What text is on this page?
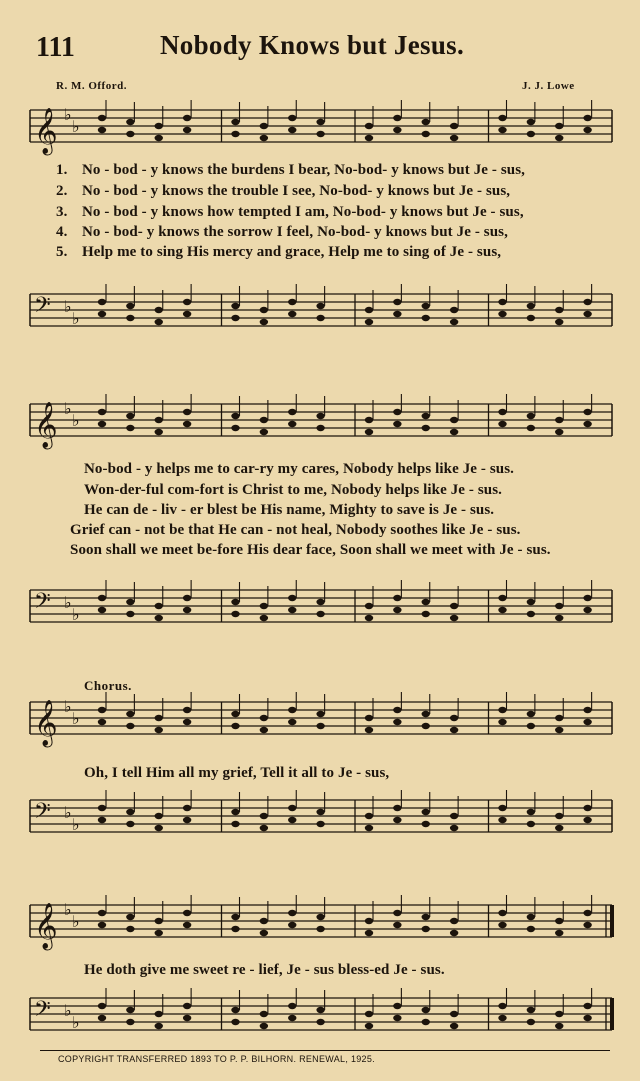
111	Nobody Knows but Jesus.
R. M. Offord.	J. J. Lowe
𝄞 ♭
♭
1. No - bod - y knows the burdens I bear, No-bod- y knows but Je - sus,
2. No - bod - y knows the trouble I see, No-bod- y knows but Je - sus,
3. No - bod - y knows how tempted I am, No-bod- y knows but Je - sus,
4. No - bod- y knows the sorrow I feel, No-bod- y knows but Je - sus,
5. Help me to sing His mercy and grace, Help me to sing of Je - sus,
𝄢 ♭
♭
𝄞 ♭
♭
No-bod - y helps me to car-ry my cares, Nobody helps like Je - sus.
Won-der-ful com-fort is Christ to me, Nobody helps like Je - sus.
He can de - liv - er blest be His name, Mighty to save is Je - sus.
Grief can - not be that He can - not heal, Nobody soothes like Je - sus.
Soon shall we meet be-fore His dear face, Soon shall we meet with Je - sus.
𝄢 ♭
♭
Chorus.
𝄞 ♭
♭
Oh, I tell Him all my grief, Tell it all to Je - sus,
𝄢 ♭
♭
𝄞 ♭
♭
He doth give me sweet re - lief, Je - sus bless-ed Je - sus.
𝄢 ♭
♭
COPYRIGHT TRANSFERRED 1893 TO P. P. BILHORN. RENEWAL, 1925.
